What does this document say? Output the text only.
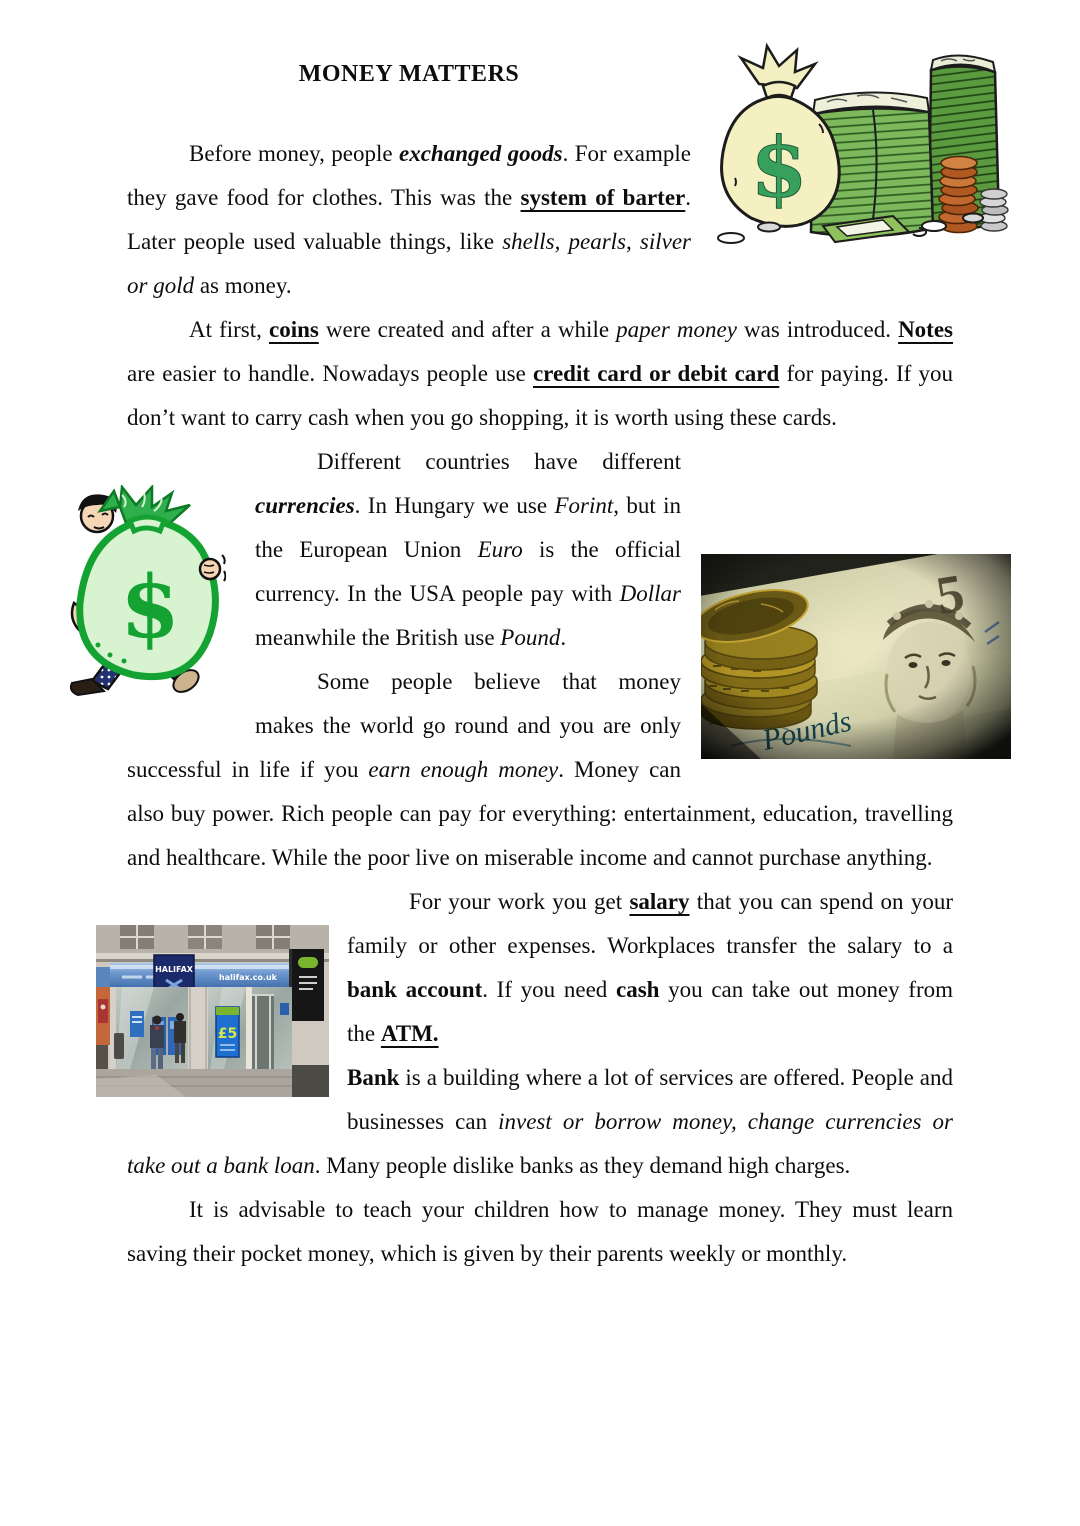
$
MONEY MATTERS

Before money, people exchanged goods. For example they gave food for clothes. This was the system of barter. Later people used valuable things, like shells, pearls, silver or gold as money.

At first, coins were created and after a while paper money was introduced. Notes are easier to handle. Nowadays people use credit card or debit card for paying. If you don’t want to carry cash when you go shopping, it is worth using these cards.

$
Different countries have different currencies. In Hungary we use Forint, but in the European Union Euro is the official currency. In the USA people pay with Dollar meanwhile the British use Pound.

Some people believe that money makes the world go round and you are only successful in life if you earn enough money. Money can also buy power. Rich people can pay for everything: entertainment, education, travelling and healthcare. While the poor live on miserable income and cannot purchase anything.

halifax.co.uk
HALIFAX
£5
For your work you get salary that you can spend on your family or other expenses. Workplaces transfer the salary to a bank account. If you need cash you can take out money from the ATM.

Bank is a building where a lot of services are offered. People and businesses can invest or borrow money, change currencies or take out a bank loan. Many people dislike banks as they demand high charges.

It is advisable to teach your children how to manage money. They must learn saving their pocket money, which is given by their parents weekly or monthly.
